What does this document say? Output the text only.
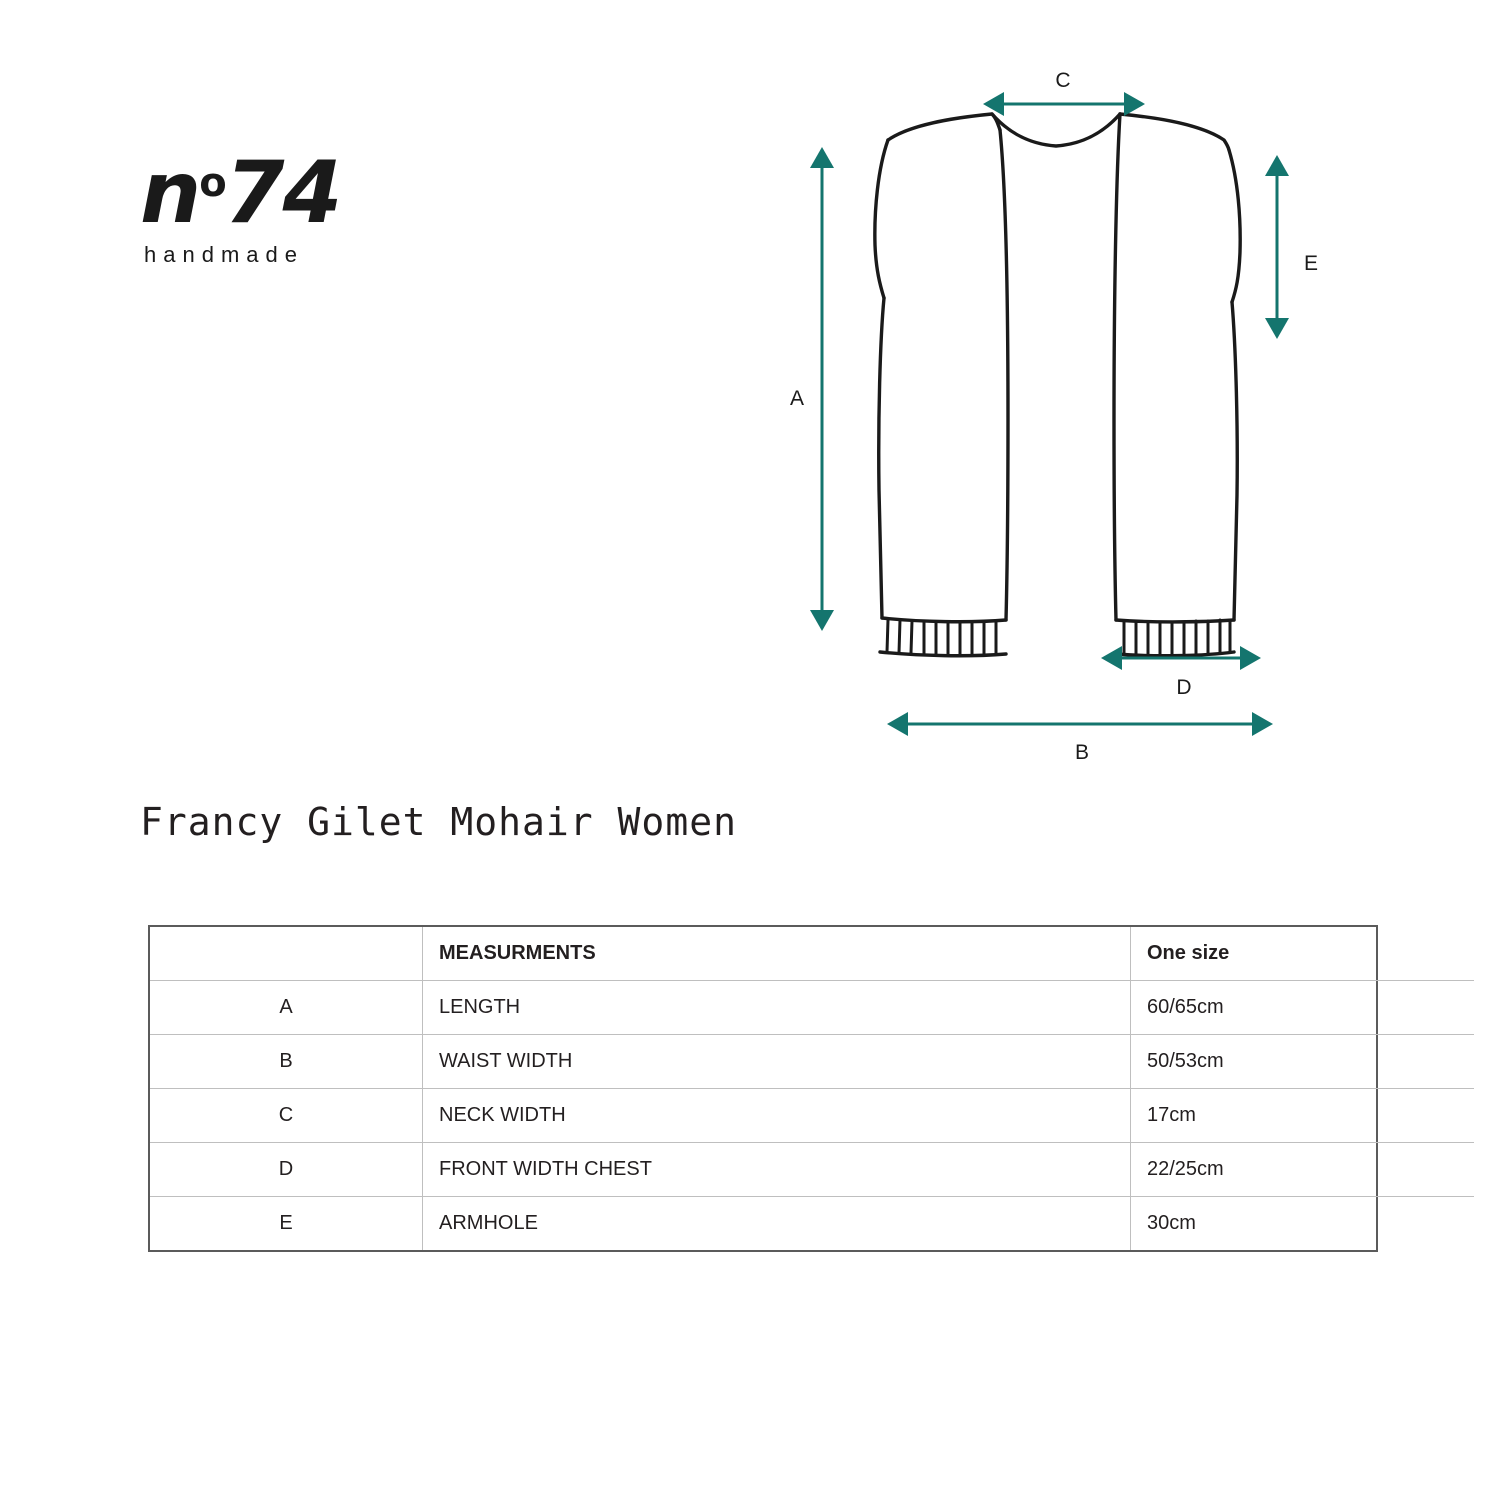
$n^o74$
handmade
A
C
E
D
B
Francy Gilet Mohair Women
	MEASURMENTS	One size
A	LENGTH	60/65cm
B	WAIST WIDTH	50/53cm
C	NECK WIDTH	17cm
D	FRONT WIDTH CHEST	22/25cm
E	ARMHOLE	30cm
